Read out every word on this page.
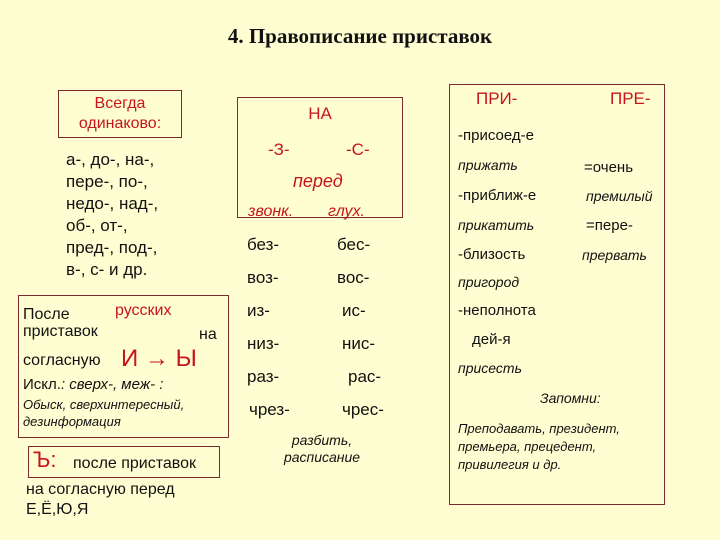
4. Правописание приставок
Всегда
одинаково:
а-, до-, на-,
пере-, по-,
недо-, над-,
об-, от-,
пред-, под-,
в-, с- и др.
После	русских
приставок	на
согласную И → Ы
Искл.: сверх-, меж- :
Обыск, сверхинтересный,
дезинформация
Ъ: после приставок
на согласную перед
Е,Ё,Ю,Я
НА
-З-	-С-
перед
звонк. глух.
без-	бес-
воз-	вос-
из-	ис-
низ-	нис-
раз-	рас-
чрез-	чрес-
разбить,
расписание
ПРИ-	ПРЕ-
-присоед-е
прижать	=очень
-приближ-е	премилый
прикатить	=пере-
-близость	прервать
пригород
-неполнота
дей-я
присесть
Запомни:
Преподавать, президент,
премьера, прецедент,
привилегия и др.
